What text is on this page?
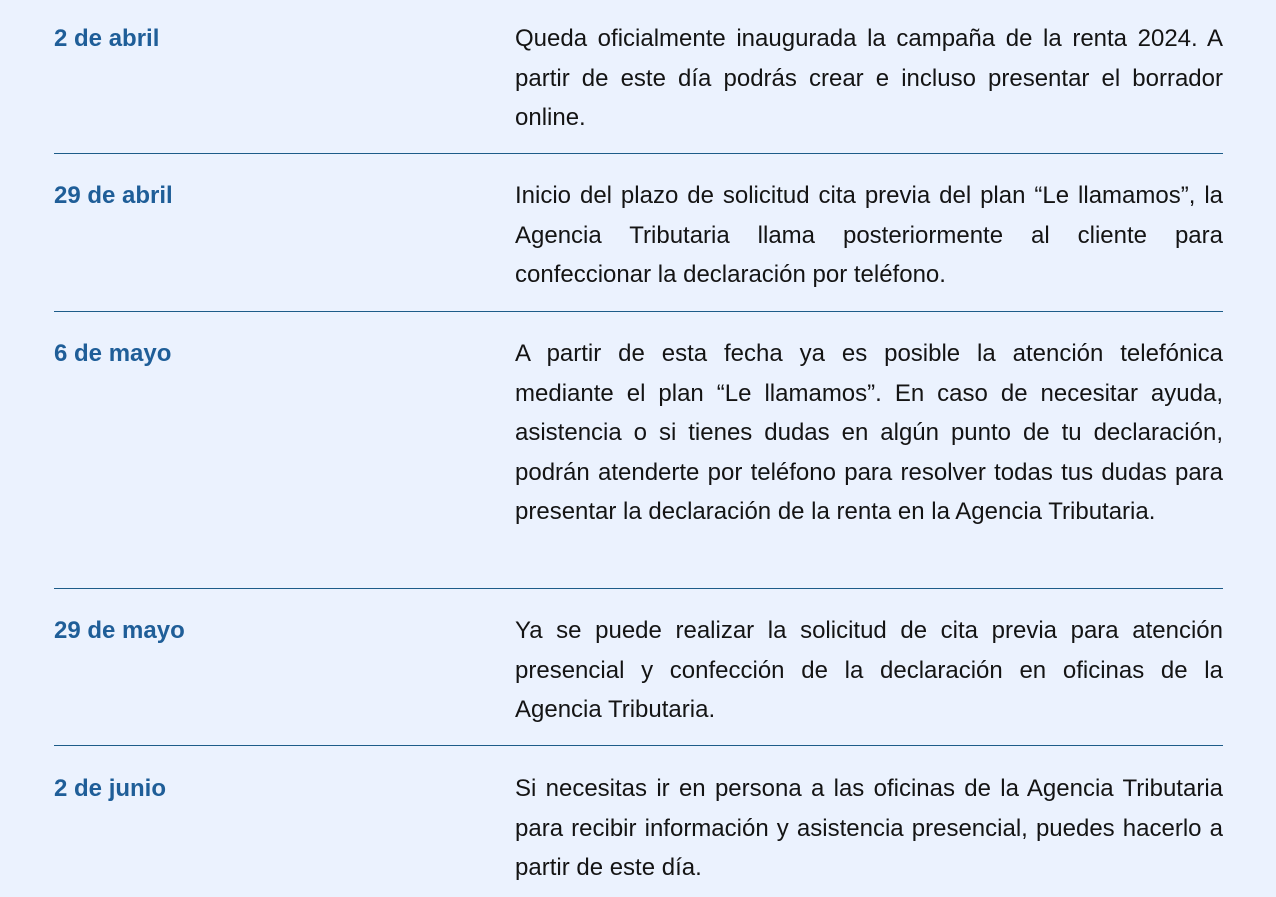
2 de abril	Queda oficialmente inaugurada la campaña de la renta 2024. A partir de este día podrás crear e incluso presentar el borrador online.

29 de abril	Inicio del plazo de solicitud cita previa del plan “Le llamamos”, la Agencia Tributaria llama posteriormente al cliente para confeccionar la declaración por teléfono.

6 de mayo	A partir de esta fecha ya es posible la atención telefónica mediante el plan “Le llamamos”. En caso de necesitar ayuda, asistencia o si tienes dudas en algún punto de tu declaración, podrán atenderte por teléfono para resolver todas tus dudas para presentar la declaración de la renta en la Agencia Tributaria.

29 de mayo	Ya se puede realizar la solicitud de cita previa para atención presencial y confección de la declaración en oficinas de la Agencia Tributaria.

2 de junio	Si necesitas ir en persona a las oficinas de la Agencia Tributaria para recibir información y asistencia presencial, puedes hacerlo a partir de este día.
